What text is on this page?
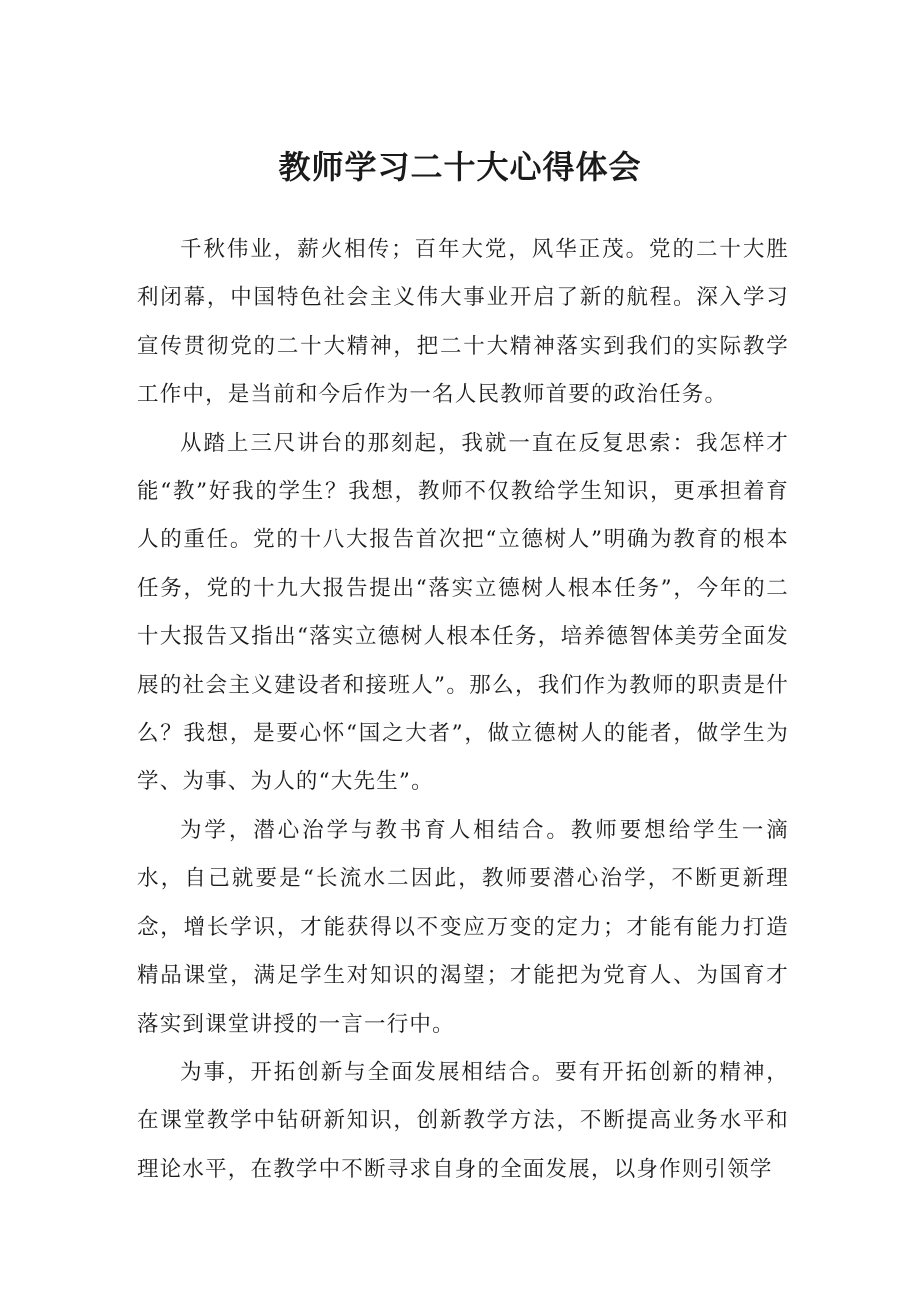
教师学习二十大心得体会

千秋伟业，薪火相传；百年大党，风华正茂。党的二十大胜利闭幕，中国特色社会主义伟大事业开启了新的航程。深入学习宣传贯彻党的二十大精神，把二十大精神落实到我们的实际教学工作中，是当前和今后作为一名人民教师首要的政治任务。

从踏上三尺讲台的那刻起，我就一直在反复思索：我怎样才能“教”好我的学生？我想，教师不仅教给学生知识，更承担着育人的重任。党的十八大报告首次把“立德树人”明确为教育的根本任务，党的十九大报告提出“落实立德树人根本任务”，今年的二十大报告又指出“落实立德树人根本任务，培养德智体美劳全面发展的社会主义建设者和接班人”。那么，我们作为教师的职责是什么？我想，是要心怀“国之大者”，做立德树人的能者，做学生为学、为事、为人的“大先生”。

为学，潜心治学与教书育人相结合。教师要想给学生一滴水，自己就要是“长流水二因此，教师要潜心治学，不断更新理念，增长学识，才能获得以不变应万变的定力；才能有能力打造精品课堂，满足学生对知识的渴望；才能把为党育人、为国育才落实到课堂讲授的一言一行中。

为事，开拓创新与全面发展相结合。要有开拓创新的精神，在课堂教学中钻研新知识，创新教学方法，不断提高业务水平和理论水平，在教学中不断寻求自身的全面发展，以身作则引领学
